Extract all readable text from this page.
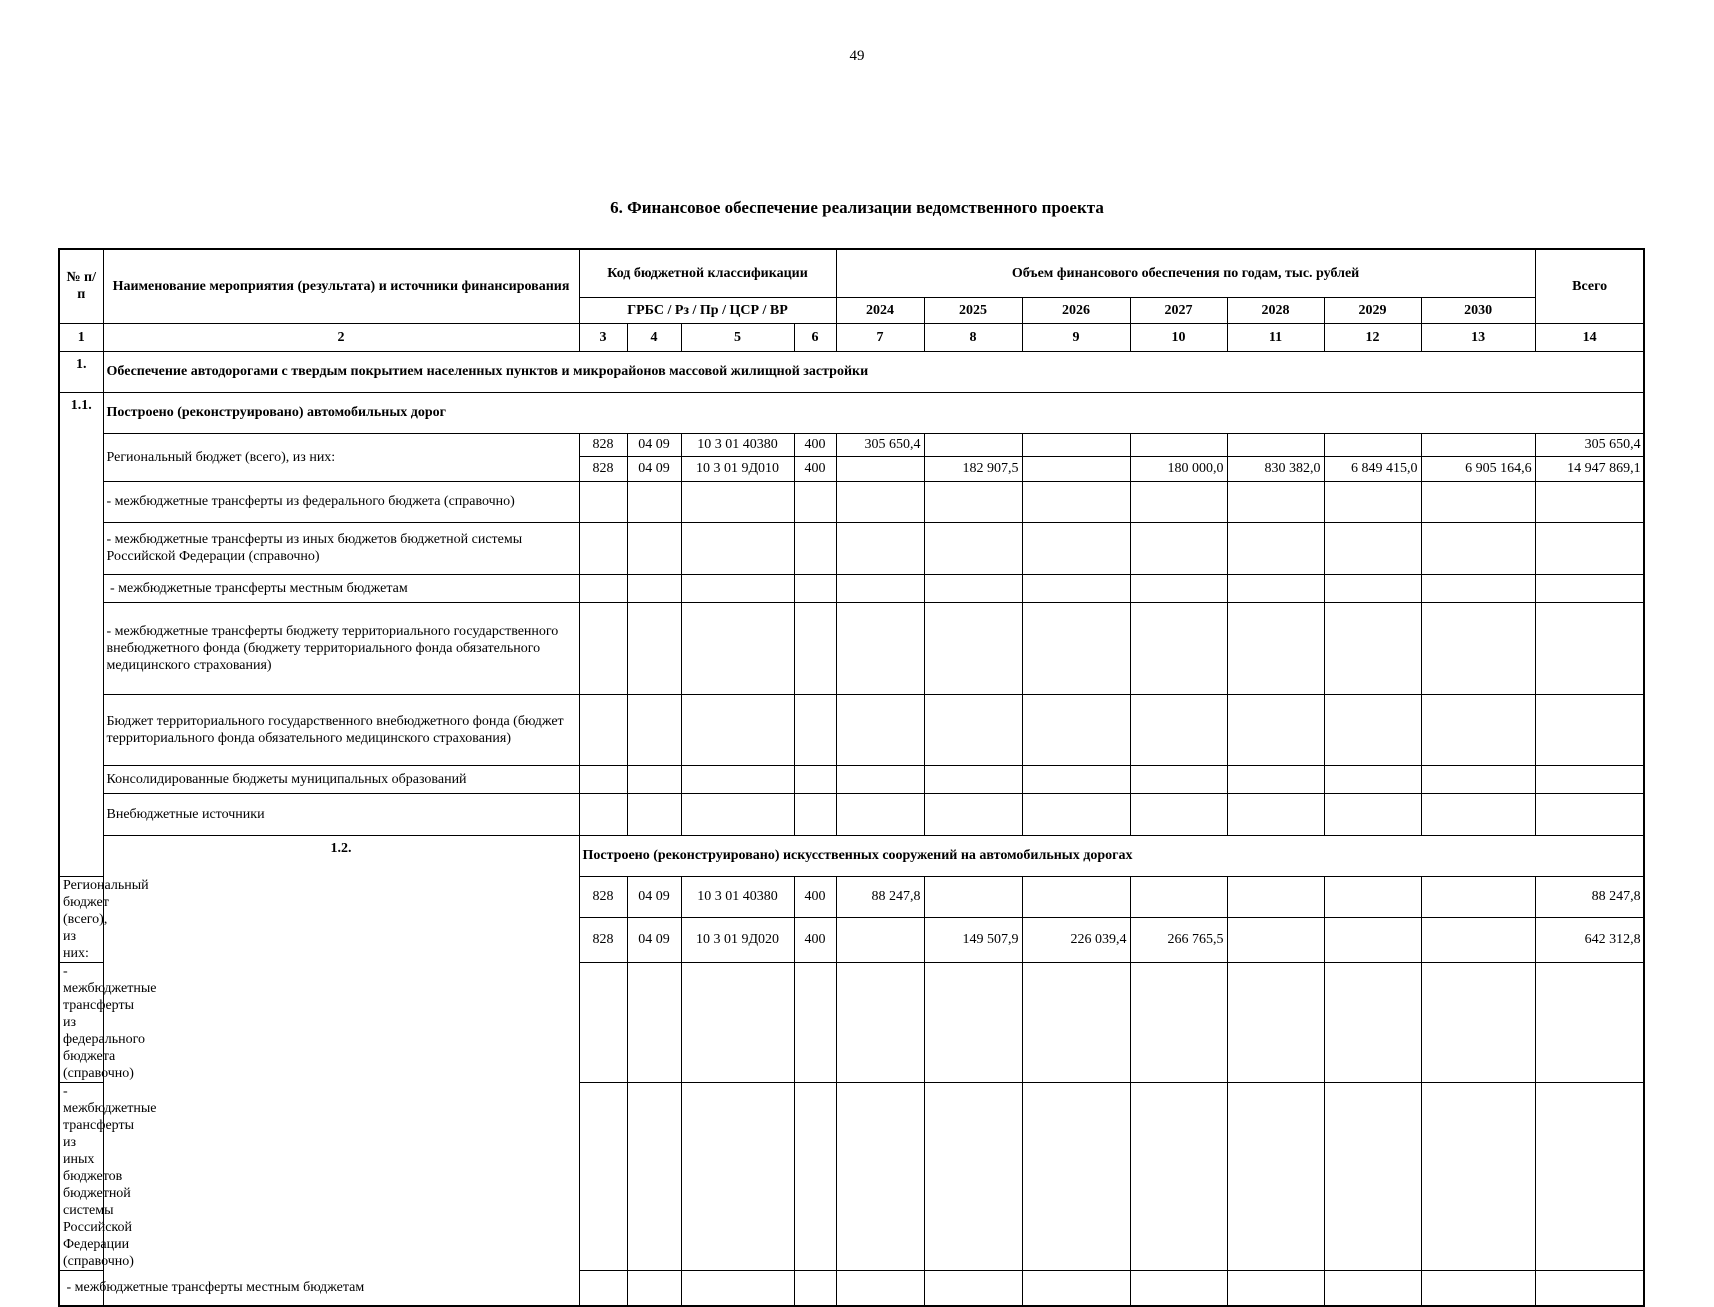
49
6. Финансовое обеспечение реализации ведомственного проекта
№ п/п	Наименование мероприятия (результата) и источники финансирования	Код бюджетной классификации				Объем финансового обеспечения по годам, тыс. рублей							Всего
		ГРБС / Рз / Пр / ЦСР / ВР				2024	2025	2026	2027	2028	2029	2030	
1	2	3	4	5	6	7	8	9	10	11	12	13	14
1.	Обеспечение автодорогами с твердым покрытием населенных пунктов и микрорайонов массовой жилищной застройки												
1.1.	Построено (реконструировано) автомобильных дорог												
	Региональный бюджет (всего), из них:	828	04 09	10 3 01 40380	400	305 650,4							305 650,4
		828	04 09	10 3 01 9Д010	400		182 907,5		180 000,0	830 382,0	6 849 415,0	6 905 164,6	14 947 869,1
	- межбюджетные трансферты из федерального бюджета (справочно)												
	- межбюджетные трансферты из иных бюджетов бюджетной системы Российской Федерации (справочно)												
	- межбюджетные трансферты местным бюджетам												
	- межбюджетные трансферты бюджету территориального государственного внебюджетного фонда (бюджету территориального фонда обязательного медицинского страхования)												
	Бюджет территориального государственного внебюджетного фонда (бюджет территориального фонда обязательного медицинского страхования)												
	Консолидированные бюджеты муниципальных образований												
	Внебюджетные источники												
	1.2.	Построено (реконструировано) искусственных сооружений на автомобильных дорогах											
Региональный бюджет (всего), из них:		828	04 09	10 3 01 40380	400	88 247,8							88 247,8
		828	04 09	10 3 01 9Д020	400		149 507,9	226 039,4	266 765,5				642 312,8
- межбюджетные трансферты из федерального бюджета (справочно)													
- межбюджетные трансферты из иных бюджетов бюджетной системы Российской Федерации (справочно)													
- межбюджетные трансферты местным бюджетам													
